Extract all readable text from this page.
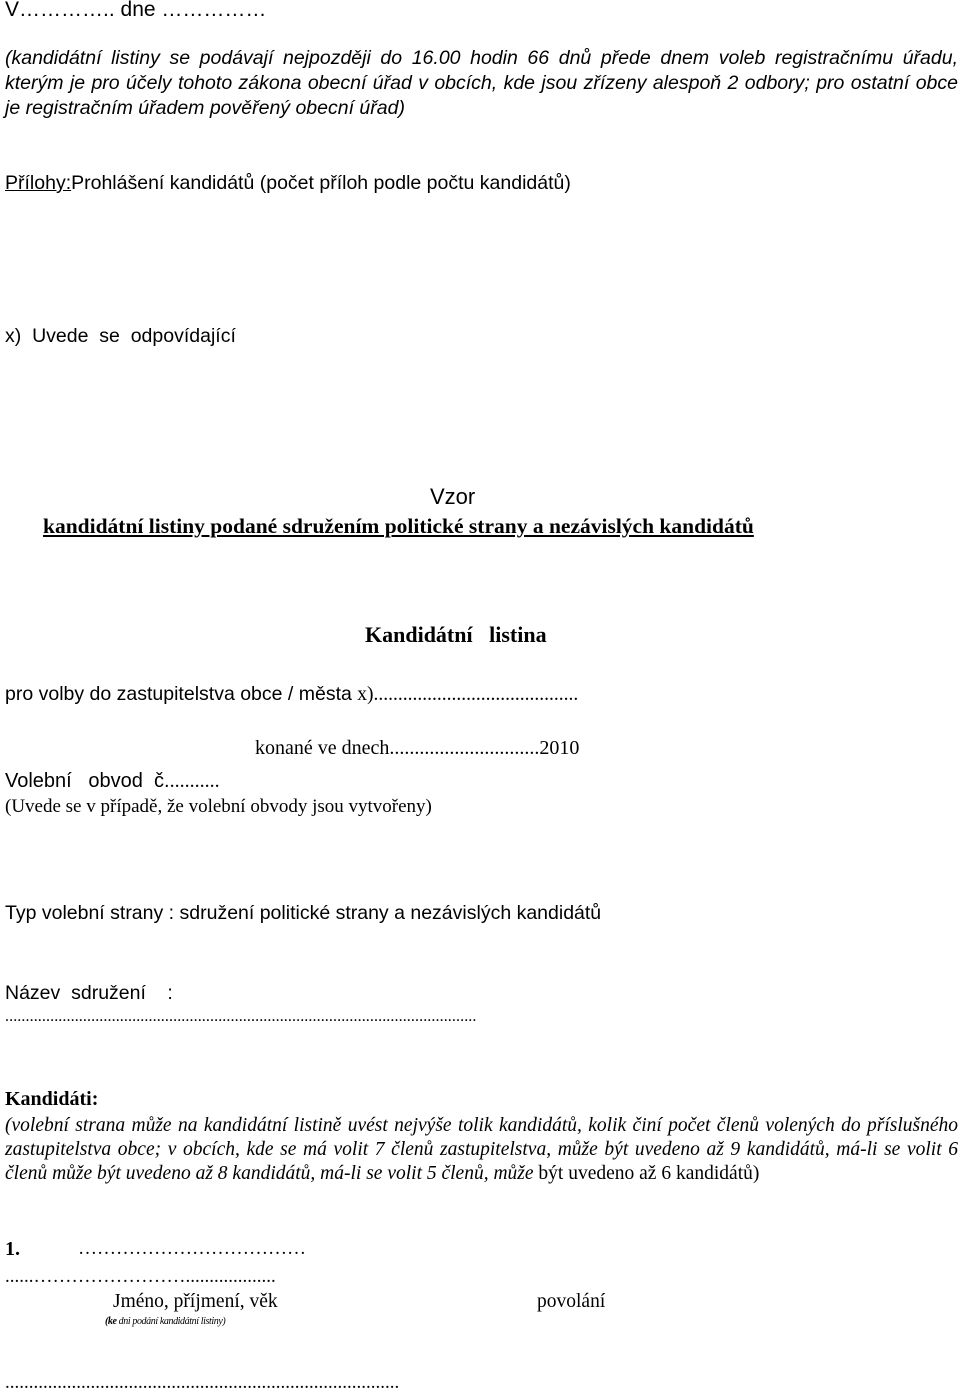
V………….. dne ……………
(kandidátní listiny se podávají nejpozději do 16.00 hodin 66 dnů přede dnem voleb registračnímu úřadu, kterým je pro účely tohoto zákona obecní úřad v obcích, kde jsou zřízeny alespoň 2 odbory; pro ostatní obce je registračním úřadem pověřený obecní úřad)
Přílohy:Prohlášení kandidátů (počet příloh podle počtu kandidátů)
x)  Uvede  se  odpovídající
Vzor
kandidátní listiny podané sdružením politické strany a nezávislých kandidátů
Kandidátní   listina
pro volby do zastupitelstva obce / města x)..........................................
konané ve dnech..............................2010
Volební   obvod  č...........
(Uvede se v případě, že volební obvody jsou vytvořeny)
Typ volební strany : sdružení politické strany a nezávislých kandidátů
Název  sdružení :
...................................................................................................................
Kandidáti:
(volební strana může na kandidátní listině uvést nejvýše tolik kandidátů, kolik činí počet členů volených do příslušného zastupitelstva obce; v obcích, kde se má volit 7 členů zastupitelstva, může být uvedeno až 9 kandidátů, má-li se volit 6 členů může být uvedeno až 8 kandidátů, má-li se volit 5 členů, může být uvedeno až 6 kandidátů)
1.	………………………………
......……………………...................
Jméno, příjmení, věk
(ke dni podání kandidátní listiny)
povolání
...................................................................................
